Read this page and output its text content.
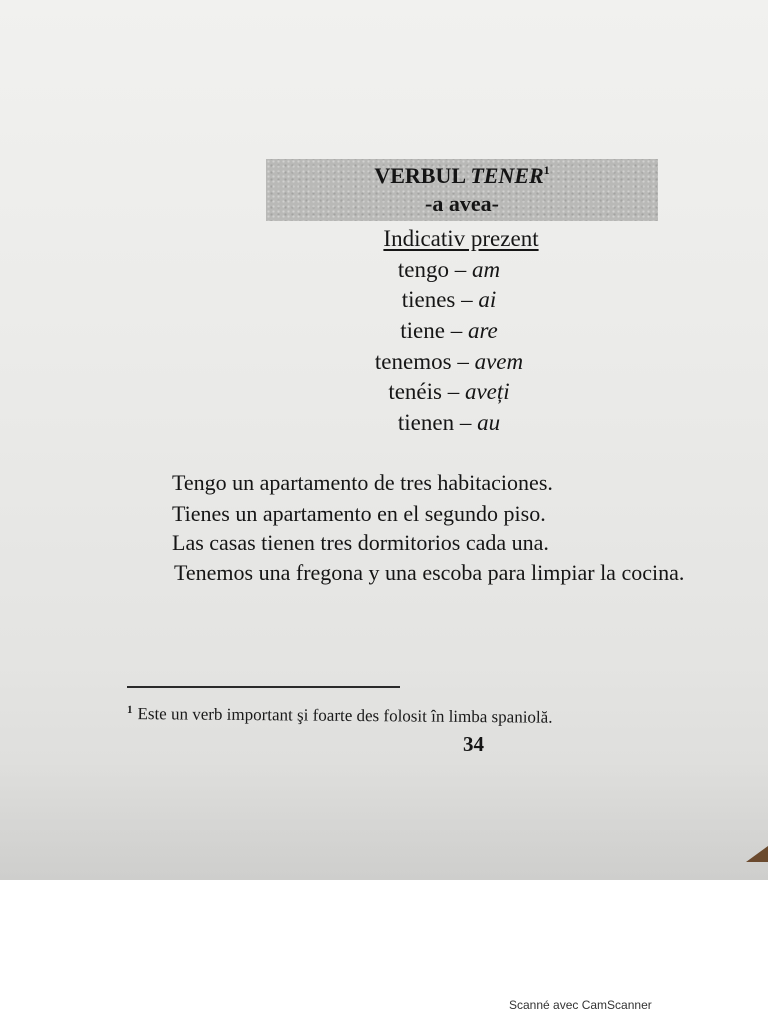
VERBUL TENER$^1$
-a avea-
Indicativ prezent
tengo – am
tienes – ai
tiene – are
tenemos – avem
tenéis – aveți
tienen – au
Tengo un apartamento de tres habitaciones.
Tienes un apartamento en el segundo piso.
Las casas tienen tres dormitorios cada una.
Tenemos una fregona y una escoba para limpiar la cocina.
$^1$ Este un verb important şi foarte des folosit în limba spaniolă.
34
Scanné avec CamScanner
